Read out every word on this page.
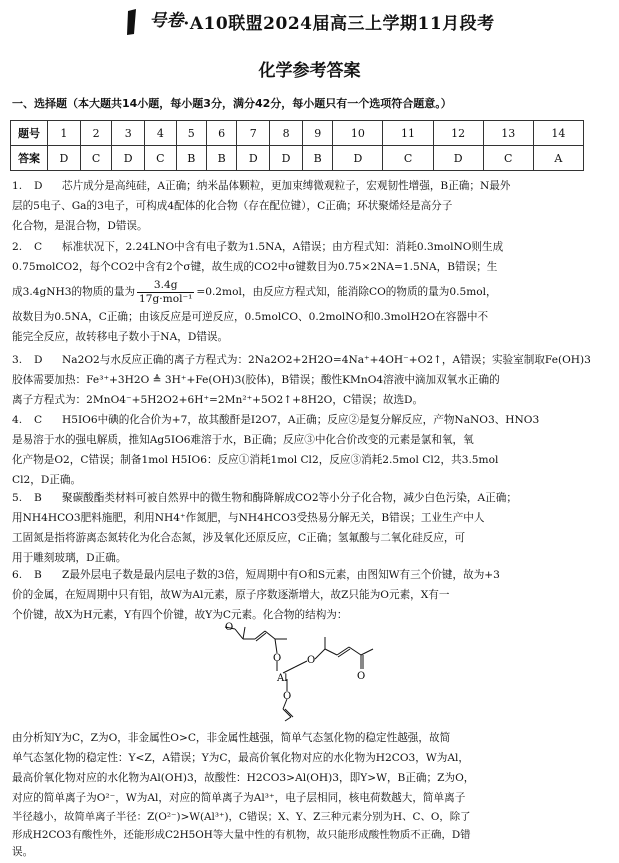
号卷·A10联盟2024届高三上学期11月段考
化学参考答案
一、选择题（本大题共14小题，每小题3分，满分42分，每小题只有一个选项符合题意。）
题号	1	2	3	4	5	6	7	8	9	10	11	12	13	14
答案	D	C	D	C	B	B	D	D	B	D	C	D	C	A
1. D 芯片成分是高纯硅，A正确；纳米晶体颗粒，更加束缚微观粒子，宏观韧性增强，B正确；N最外
层的5电子、Ga的3电子，可构成4配体的化合物（存在配位键），C正确；环状聚烯烃是高分子
化合物，是混合物，D错误。
2. C 标准状况下，2.24LNO中含有电子数为1.5NA，A错误；由方程式知：消耗0.3molNO则生成
0.75molCO2，每个CO2中含有2个σ键，故生成的CO2中σ键数目为0.75×2NA=1.5NA，B错误；生
成3.4gNH3的物质的量为
3.4g
17g·mol⁻¹
=0.2mol，由反应方程式知，能消除CO的物质的量为0.5mol，
故数目为0.5NA，C正确；由该反应是可逆反应，0.5molCO、0.2molNO和0.3molH2O在容器中不
能完全反应，故转移电子数小于NA，D错误。
3. D Na2O2与水反应正确的离子方程式为：2Na2O2+2H2O=4Na⁺+4OH⁻+O2↑，A错误；实验室制取Fe(OH)3
胶体需要加热：Fe³⁺+3H2O ≜ 3H⁺+Fe(OH)3(胶体)，B错误；酸性KMnO4溶液中滴加双氧水正确的
离子方程式为：2MnO4⁻+5H2O2+6H⁺=2Mn²⁺+5O2↑+8H2O，C错误；故选D。
4. C H5IO6中碘的化合价为+7，故其酸酐是I2O7，A正确；反应②是复分解反应，产物NaNO3、HNO3
是易溶于水的强电解质，推知Ag5IO6难溶于水，B正确；反应③中化合价改变的元素是氯和氧，氧
化产物是O2，C错误；制备1mol H5IO6：反应①消耗1mol Cl2，反应③消耗2.5mol Cl2，共3.5mol
Cl2，D正确。
5. B 聚碳酸酯类材料可被自然界中的微生物和酶降解成CO2等小分子化合物，减少白色污染，A正确；
用NH4HCO3肥料施肥，利用NH4⁺作氮肥，与NH4HCO3受热易分解无关，B错误；工业生产中人
工固氮是指将游离态氮转化为化合态氮，涉及氧化还原反应，C正确；氢氟酸与二氧化硅反应，可
用于雕刻玻璃，D正确。
6. B Z最外层电子数是最内层电子数的3倍，短周期中有O和S元素，由图知W有三个价键，故为+3
价的金属，在短周期中只有铝，故W为Al元素，原子序数逐渐增大，故Z只能为O元素，X有一
个价键，故X为H元素，Y有四个价键，故Y为C元素。化合物的结构为：
O
O
Al
O
O
O
由分析知Y为C，Z为O，非金属性O>C，非金属性越强，简单气态氢化物的稳定性越强，故简
单气态氢化物的稳定性：Y<Z，A错误；Y为C，最高价氧化物对应的水化物为H2CO3，W为Al，
最高价氧化物对应的水化物为Al(OH)3，故酸性：H2CO3>Al(OH)3，即Y>W，B正确；Z为O，
对应的简单离子为O²⁻，W为Al，对应的简单离子为Al³⁺，电子层相同，核电荷数越大，简单离子
半径越小，故简单离子半径：Z(O²⁻)>W(Al³⁺)，C错误；X、Y、Z三种元素分别为H、C、O，除了
形成H2CO3有酸性外，还能形成C2H5OH等大量中性的有机物，故只能形成酸性物质不正确，D错
误。
